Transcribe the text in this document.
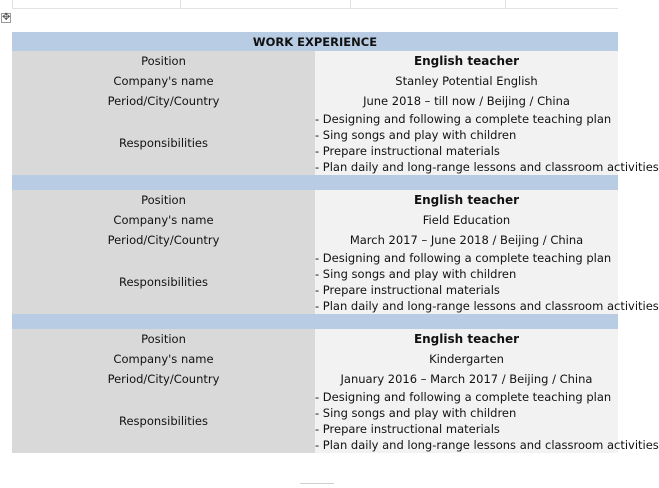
✥
WORK EXPERIENCE	
Position	English teacher
Company's name	Stanley Potential English
Period/City/Country	June 2018 – till now / Beijing / China
Responsibilities	- Designing and following a complete teaching plan
- Sing songs and play with children
- Prepare instructional materials
- Plan daily and long-range lessons and classroom activities

Position	English teacher
Company's name	Field Education
Period/City/Country	March 2017 – June 2018 / Beijing / China
Responsibilities	- Designing and following a complete teaching plan
- Sing songs and play with children
- Prepare instructional materials
- Plan daily and long-range lessons and classroom activities

Position	English teacher
Company's name	Kindergarten
Period/City/Country	January 2016 – March 2017 / Beijing / China
Responsibilities	- Designing and following a complete teaching plan
- Sing songs and play with children
- Prepare instructional materials
- Plan daily and long-range lessons and classroom activities
